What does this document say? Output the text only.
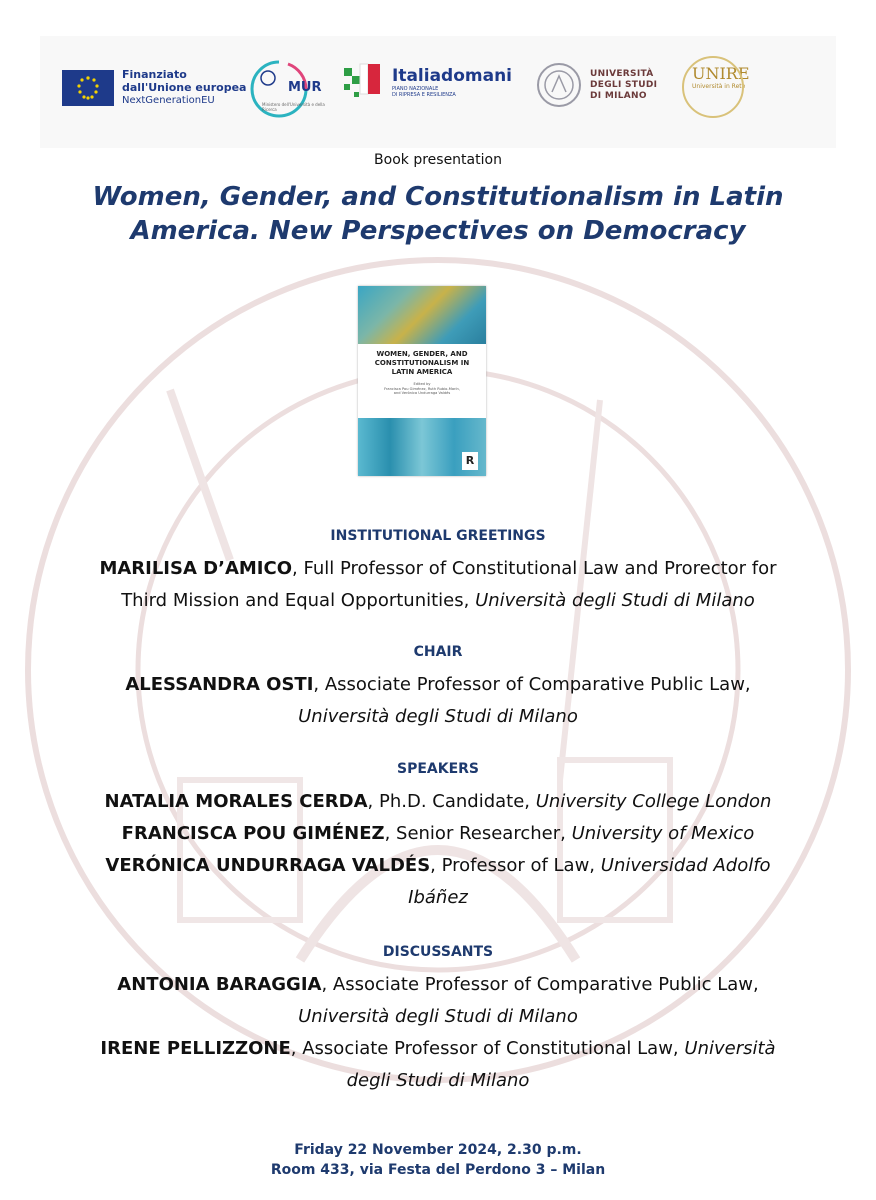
Finanziato
dall'Unione europea
NextGenerationEU
MUR
Ministero dell'Università e della Ricerca
Italiadomani
PIANO NAZIONALE
DI RIPRESA E RESILIENZA
UNIVERSITÀ
DEGLI STUDI
DI MILANO
UNIRE
Università in Rete
Book presentation
Women, Gender, and Constitutionalism in Latin
America. New Perspectives on Democracy
WOMEN, GENDER, AND
CONSTITUTIONALISM IN
LATIN AMERICA
Edited by
Francisca Pou Giménez, Ruth Rubio-Marín,
and Verónica Undurraga Valdés
R
INSTITUTIONAL GREETINGS
MARILISA D’AMICO, Full Professor of Constitutional Law and Prorector for
Third Mission and Equal Opportunities, Università degli Studi di Milano
CHAIR
ALESSANDRA OSTI, Associate Professor of Comparative Public Law,
Università degli Studi di Milano
SPEAKERS
NATALIA MORALES CERDA, Ph.D. Candidate, University College London
FRANCISCA POU GIMÉNEZ, Senior Researcher, University of Mexico
VERÓNICA UNDURRAGA VALDÉS, Professor of Law, Universidad Adolfo
Ibáñez
DISCUSSANTS
ANTONIA BARAGGIA, Associate Professor of Comparative Public Law,
Università degli Studi di Milano
IRENE PELLIZZONE, Associate Professor of Constitutional Law, Università
degli Studi di Milano
Friday 22 November 2024, 2.30 p.m.
Room 433, via Festa del Perdono 3 – Milan
